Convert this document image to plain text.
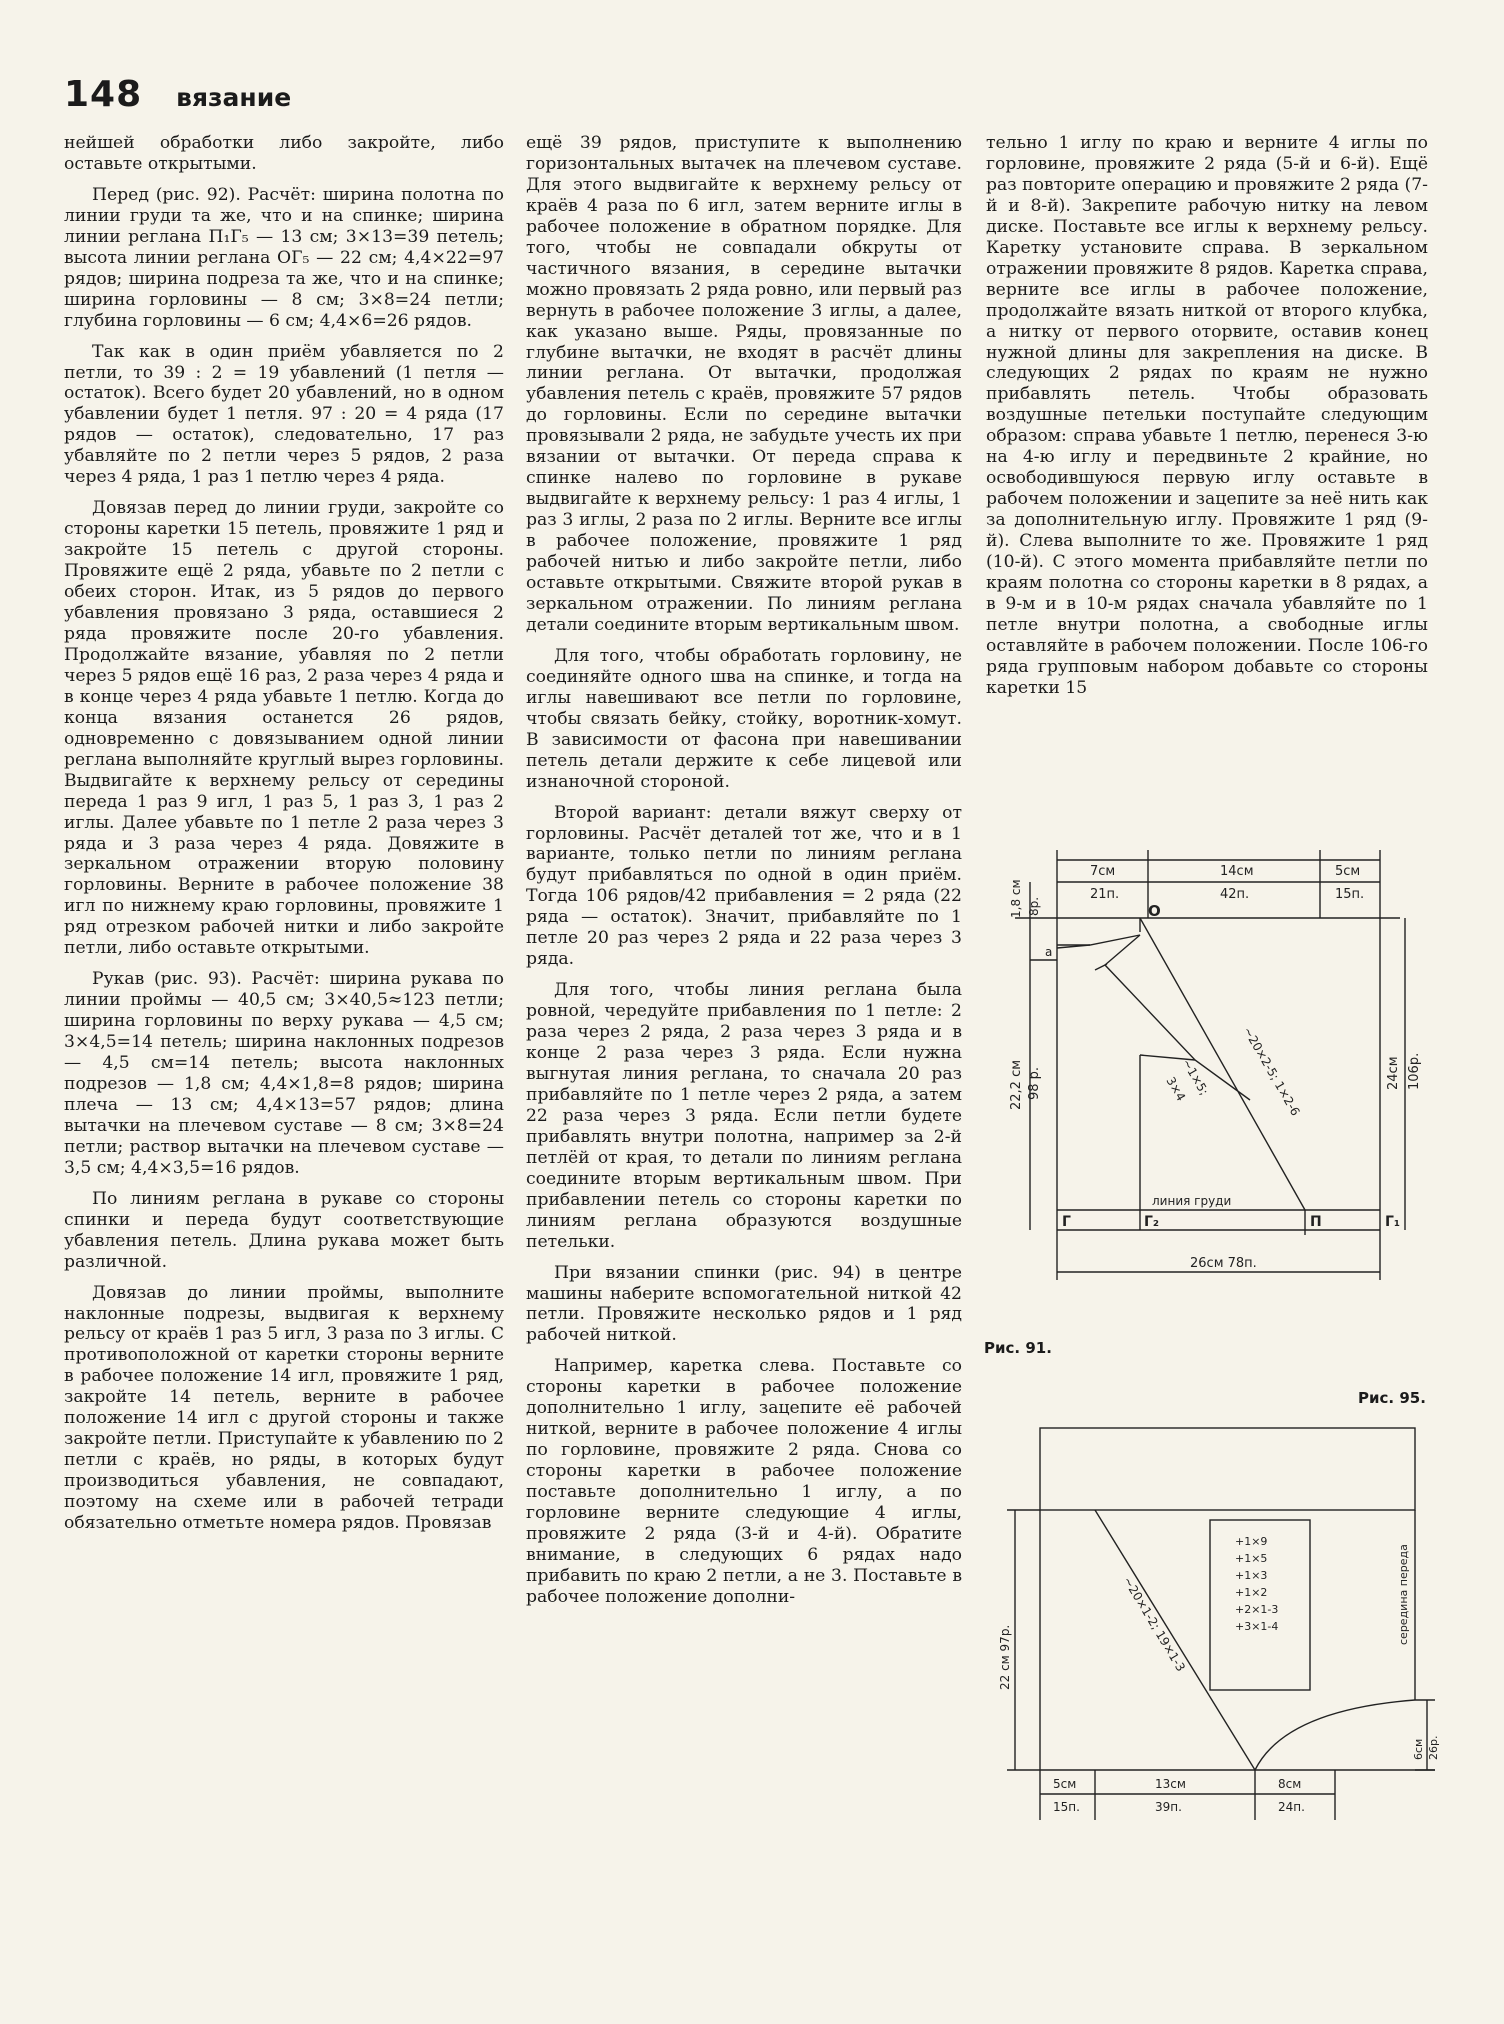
148 вязание

нейшей обработки либо закройте, либо оставьте открытыми.

Перед (рис. 92). Расчёт: ширина полотна по линии груди та же, что и на спинке; ширина линии реглана П₁Г₅ — 13 см; 3×13=39 петель; высота линии реглана ОГ₅ — 22 см; 4,4×22=97 рядов; ширина подреза та же, что и на спинке; ширина горловины — 8 см; 3×8=24 петли; глубина горловины — 6 см; 4,4×6=26 рядов.

Так как в один приём убавляется по 2 петли, то 39 : 2 = 19 убавлений (1 петля — остаток). Всего будет 20 убавлений, но в одном убавлении будет 1 петля. 97 : 20 = 4 ряда (17 рядов — остаток), следовательно, 17 раз убавляйте по 2 петли через 5 рядов, 2 раза через 4 ряда, 1 раз 1 петлю через 4 ряда.

Довязав перед до линии груди, закройте со стороны каретки 15 петель, провяжите 1 ряд и закройте 15 петель с другой стороны. Провяжите ещё 2 ряда, убавьте по 2 петли с обеих сторон. Итак, из 5 рядов до первого убавления провязано 3 ряда, оставшиеся 2 ряда провяжите после 20-го убавления. Продолжайте вязание, убавляя по 2 петли через 5 рядов ещё 16 раз, 2 раза через 4 ряда и в конце через 4 ряда убавьте 1 петлю. Когда до конца вязания останется 26 рядов, одновременно с довязыванием одной линии реглана выполняйте круглый вырез горловины. Выдвигайте к верхнему рельсу от середины переда 1 раз 9 игл, 1 раз 5, 1 раз 3, 1 раз 2 иглы. Далее убавьте по 1 петле 2 раза через 3 ряда и 3 раза через 4 ряда. Довяжите в зеркальном отражении вторую половину горловины. Верните в рабочее положение 38 игл по нижнему краю горловины, провяжите 1 ряд отрезком рабочей нитки и либо закройте петли, либо оставьте открытыми.

Рукав (рис. 93). Расчёт: ширина рукава по линии проймы — 40,5 см; 3×40,5≈123 петли; ширина горловины по верху рукава — 4,5 см; 3×4,5=14 петель; ширина наклонных подрезов — 4,5 см=14 петель; высота наклонных подрезов — 1,8 см; 4,4×1,8=8 рядов; ширина плеча — 13 см; 4,4×13=57 рядов; длина вытачки на плечевом суставе — 8 см; 3×8=24 петли; раствор вытачки на плечевом суставе — 3,5 см; 4,4×3,5=16 рядов.

По линиям реглана в рукаве со стороны спинки и переда будут соответствующие убавления петель. Длина рукава может быть различной.

Довязав до линии проймы, выполните наклонные подрезы, выдвигая к верхнему рельсу от краёв 1 раз 5 игл, 3 раза по 3 иглы. С противоположной от каретки стороны верните в рабочее положение 14 игл, провяжите 1 ряд, закройте 14 петель, верните в рабочее положение 14 игл с другой стороны и также закройте петли. Приступайте к убавлению по 2 петли с краёв, но ряды, в которых будут производиться убавления, не совпадают, поэтому на схеме или в рабочей тетради обязательно отметьте номера рядов. Провязав

ещё 39 рядов, приступите к выполнению горизонтальных вытачек на плечевом суставе. Для этого выдвигайте к верхнему рельсу от краёв 4 раза по 6 игл, затем верните иглы в рабочее положение в обратном порядке. Для того, чтобы не совпадали обкруты от частичного вязания, в середине вытачки можно провязать 2 ряда ровно, или первый раз вернуть в рабочее положение 3 иглы, а далее, как указано выше. Ряды, провязанные по глубине вытачки, не входят в расчёт длины линии реглана. От вытачки, продолжая убавления петель с краёв, провяжите 57 рядов до горловины. Если по середине вытачки провязывали 2 ряда, не забудьте учесть их при вязании от вытачки. От переда справа к спинке налево по горловине в рукаве выдвигайте к верхнему рельсу: 1 раз 4 иглы, 1 раз 3 иглы, 2 раза по 2 иглы. Верните все иглы в рабочее положение, провяжите 1 ряд рабочей нитью и либо закройте петли, либо оставьте открытыми. Свяжите второй рукав в зеркальном отражении. По линиям реглана детали соедините вторым вертикальным швом.

Для того, чтобы обработать горловину, не соединяйте одного шва на спинке, и тогда на иглы навешивают все петли по горловине, чтобы связать бейку, стойку, воротник-хомут. В зависимости от фасона при навешивании петель детали держите к себе лицевой или изнаночной стороной.

Второй вариант: детали вяжут сверху от горловины. Расчёт деталей тот же, что и в 1 варианте, только петли по линиям реглана будут прибавляться по одной в один приём. Тогда 106 рядов/42 прибавления = 2 ряда (22 ряда — остаток). Значит, прибавляйте по 1 петле 20 раз через 2 ряда и 22 раза через 3 ряда.

Для того, чтобы линия реглана была ровной, чередуйте прибавления по 1 петле: 2 раза через 2 ряда, 2 раза через 3 ряда и в конце 2 раза через 3 ряда. Если нужна выгнутая линия реглана, то сначала 20 раз прибавляйте по 1 петле через 2 ряда, а затем 22 раза через 3 ряда. Если петли будете прибавлять внутри полотна, например за 2-й петлёй от края, то детали по линиям реглана соедините вторым вертикальным швом. При прибавлении петель со стороны каретки по линиям реглана образуются воздушные петельки.

При вязании спинки (рис. 94) в центре машины наберите вспомогательной ниткой 42 петли. Провяжите несколько рядов и 1 ряд рабочей ниткой.

Например, каретка слева. Поставьте со стороны каретки в рабочее положение дополнительно 1 иглу, зацепите её рабочей ниткой, верните в рабочее положение 4 иглы по горловине, провяжите 2 ряда. Снова со стороны каретки в рабочее положение поставьте дополнительно 1 иглу, а по горловине верните следующие 4 иглы, провяжите 2 ряда (3-й и 4-й). Обратите внимание, в следующих 6 рядах надо прибавить по краю 2 петли, а не 3. Поставьте в рабочее положение дополни-

тельно 1 иглу по краю и верните 4 иглы по горловине, провяжите 2 ряда (5-й и 6-й). Ещё раз повторите операцию и провяжите 2 ряда (7-й и 8-й). Закрепите рабочую нитку на левом диске. Поставьте все иглы к верхнему рельсу. Каретку установите справа. В зеркальном отражении провяжите 8 рядов. Каретка справа, верните все иглы в рабочее положение, продолжайте вязать ниткой от второго клубка, а нитку от первого оторвите, оставив конец нужной длины для закрепления на диске. В следующих 2 рядах по краям не нужно прибавлять петель. Чтобы образовать воздушные петельки поступайте следующим образом: справа убавьте 1 петлю, перенеся 3-ю на 4-ю иглу и передвиньте 2 крайние, но освободившуюся первую иглу оставьте в рабочем положении и зацепите за неё нить как за дополнительную иглу. Провяжите 1 ряд (9-й). Слева выполните то же. Провяжите 1 ряд (10-й). С этого момента прибавляйте петли по краям полотна со стороны каретки в 8 рядах, а в 9-м и в 10-м рядах сначала убавляйте по 1 петле внутри полотна, а свободные иглы оставляйте в рабочем положении. После 106-го ряда групповым набором добавьте со стороны каретки 15

7см
21п.
14см
42п.
5см
15п.
О
а
1,8 см 8р.
22,2 см 98 р.	24см 106р.
~20×2-5; 1×2-6
~1×5;
3×4
линия груди
Г	Г₂	П	Г₁
26см 78п.
Рис. 91.
Рис. 95.
+1×9
+1×5
+1×3
+1×2
+2×1-3
+3×1-4	середина переда
22 см 97р.
6см 26р.
~20×1-2; 19×1-3
5см
15п.
13см
39п.
8см
24п.
